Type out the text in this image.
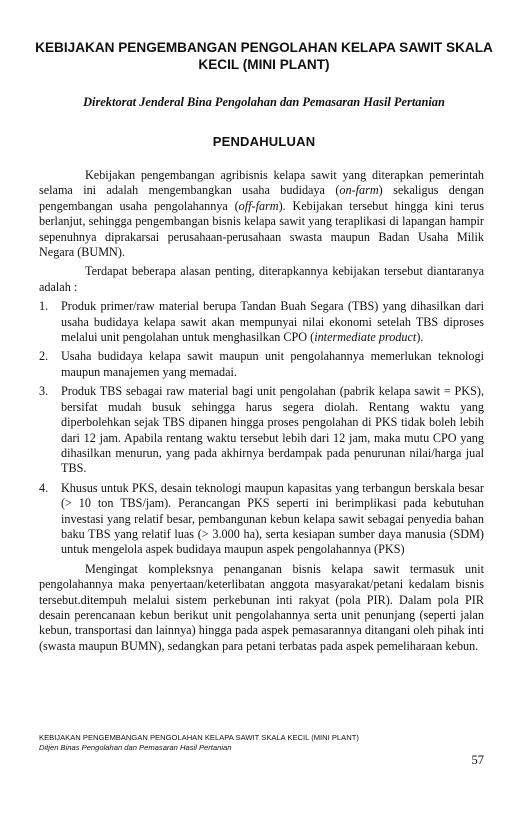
KEBIJAKAN PENGEMBANGAN PENGOLAHAN KELAPA SAWIT SKALA KECIL (MINI PLANT)

Direktorat Jenderal Bina Pengolahan dan Pemasaran Hasil Pertanian

PENDAHULUAN

Kebijakan pengembangan agribisnis kelapa sawit yang diterapkan pemerintah selama ini adalah mengembangkan usaha budidaya (on-farm) sekaligus dengan pengembangan usaha pengolahannya (off-farm). Kebijakan tersebut hingga kini terus berlanjut, sehingga pengembangan bisnis kelapa sawit yang teraplikasi di lapangan hampir sepenuhnya diprakarsai perusahaan-perusahaan swasta maupun Badan Usaha Milik Negara (BUMN).

Terdapat beberapa alasan penting, diterapkannya kebijakan tersebut diantaranya adalah :

1. Produk primer/raw material berupa Tandan Buah Segara (TBS) yang dihasilkan dari usaha budidaya kelapa sawit akan mempunyai nilai ekonomi setelah TBS diproses melalui unit pengolahan untuk menghasilkan CPO (intermediate product).
2. Usaha budidaya kelapa sawit maupun unit pengolahannya memerlukan teknologi maupun manajemen yang memadai.
3. Produk TBS sebagai raw material bagi unit pengolahan (pabrik kelapa sawit = PKS), bersifat mudah busuk sehingga harus segera diolah. Rentang waktu yang diperbolehkan sejak TBS dipanen hingga proses pengolahan di PKS tidak boleh lebih dari 12 jam. Apabila rentang waktu tersebut lebih dari 12 jam, maka mutu CPO yang dihasilkan menurun, yang pada akhirnya berdampak pada penurunan nilai/harga jual TBS.
4. Khusus untuk PKS, desain teknologi maupun kapasitas yang terbangun berskala besar (> 10 ton TBS/jam). Perancangan PKS seperti ini berimplikasi pada kebutuhan investasi yang relatif besar, pembangunan kebun kelapa sawit sebagai penyedia bahan baku TBS yang relatif luas (> 3.000 ha), serta kesiapan sumber daya manusia (SDM) untuk mengelola aspek budidaya maupun aspek pengolahannya (PKS)

Mengingat kompleksnya penanganan bisnis kelapa sawit termasuk unit pengolahannya maka penyertaan/keterlibatan anggota masyarakat/petani kedalam bisnis tersebut.ditempuh melalui sistem perkebunan inti rakyat (pola PIR). Dalam pola PIR desain perencanaan kebun berikut unit pengolahannya serta unit penunjang (seperti jalan kebun, transportasi dan lainnya) hingga pada aspek pemasarannya ditangani oleh pihak inti (swasta maupun BUMN), sedangkan para petani terbatas pada aspek pemeliharaan kebun.

KEBIJAKAN PENGEMBANGAN PENGOLAHAN KELAPA SAWIT SKALA KECIL (MINI PLANT)
Ditjen Binas Pengolahan dan Pemasaran Hasil Pertanian
57
